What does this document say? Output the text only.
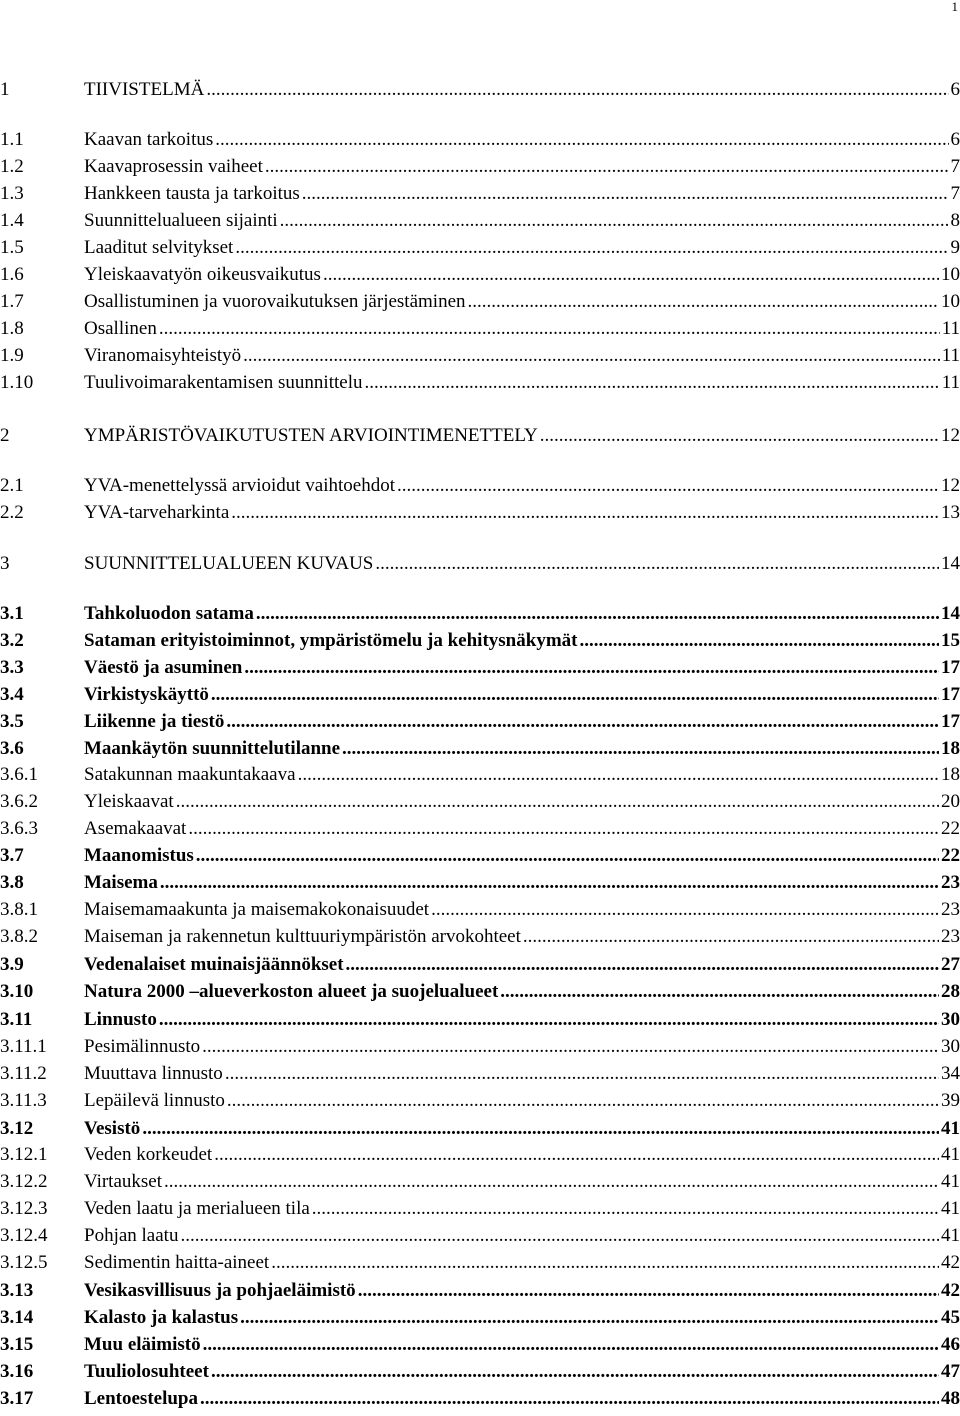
1
1	TIIVISTELMÄ .....	6
1.1	Kaavan tarkoitus .....	6
1.2	Kaavaprosessin vaiheet .....	7
1.3	Hankkeen tausta ja tarkoitus .....	7
1.4	Suunnittelualueen sijainti .....	8
1.5	Laaditut selvitykset .....	9
1.6	Yleiskaavatyön oikeusvaikutus .....	10
1.7	Osallistuminen ja vuorovaikutuksen järjestäminen .....	10
1.8	Osallinen .....	11
1.9	Viranomaisyhteistyö .....	11
1.10	Tuulivoimarakentamisen suunnittelu .....	11
2	YMPÄRISTÖVAIKUTUSTEN ARVIOINTIMENETTELY .....	12
2.1	YVA-menettelyssä arvioidut vaihtoehdot .....	12
2.2	YVA-tarveharkinta .....	13
3	SUUNNITTELUALUEEN KUVAUS .....	14
3.1	Tahkoluodon satama .....	14
3.2	Sataman erityistoiminnot, ympäristömelu ja kehitysnäkymät .....	15
3.3	Väestö ja asuminen .....	17
3.4	Virkistyskäyttö .....	17
3.5	Liikenne ja tiestö .....	17
3.6	Maankäytön suunnittelutilanne .....	18
3.6.1	Satakunnan maakuntakaava .....	18
3.6.2	Yleiskaavat .....	20
3.6.3	Asemakaavat .....	22
3.7	Maanomistus .....	22
3.8	Maisema .....	23
3.8.1	Maisemamaakunta ja maisemakokonaisuudet .....	23
3.8.2	Maiseman ja rakennetun kulttuuriympäristön arvokohteet .....	23
3.9	Vedenalaiset muinaisjäännökset .....	27
3.10	Natura 2000 –alueverkoston alueet ja suojelualueet .....	28
3.11	Linnusto .....	30
3.11.1	Pesimälinnusto .....	30
3.11.2	Muuttava linnusto .....	34
3.11.3	Lepäilevä linnusto .....	39
3.12	Vesistö .....	41
3.12.1	Veden korkeudet .....	41
3.12.2	Virtaukset .....	41
3.12.3	Veden laatu ja merialueen tila .....	41
3.12.4	Pohjan laatu .....	41
3.12.5	Sedimentin haitta-aineet .....	42
3.13	Vesikasvillisuus ja pohjaeläimistö .....	42
3.14	Kalasto ja kalastus .....	45
3.15	Muu eläimistö .....	46
3.16	Tuuliolosuhteet .....	47
3.17	Lentoestelupa .....	48
